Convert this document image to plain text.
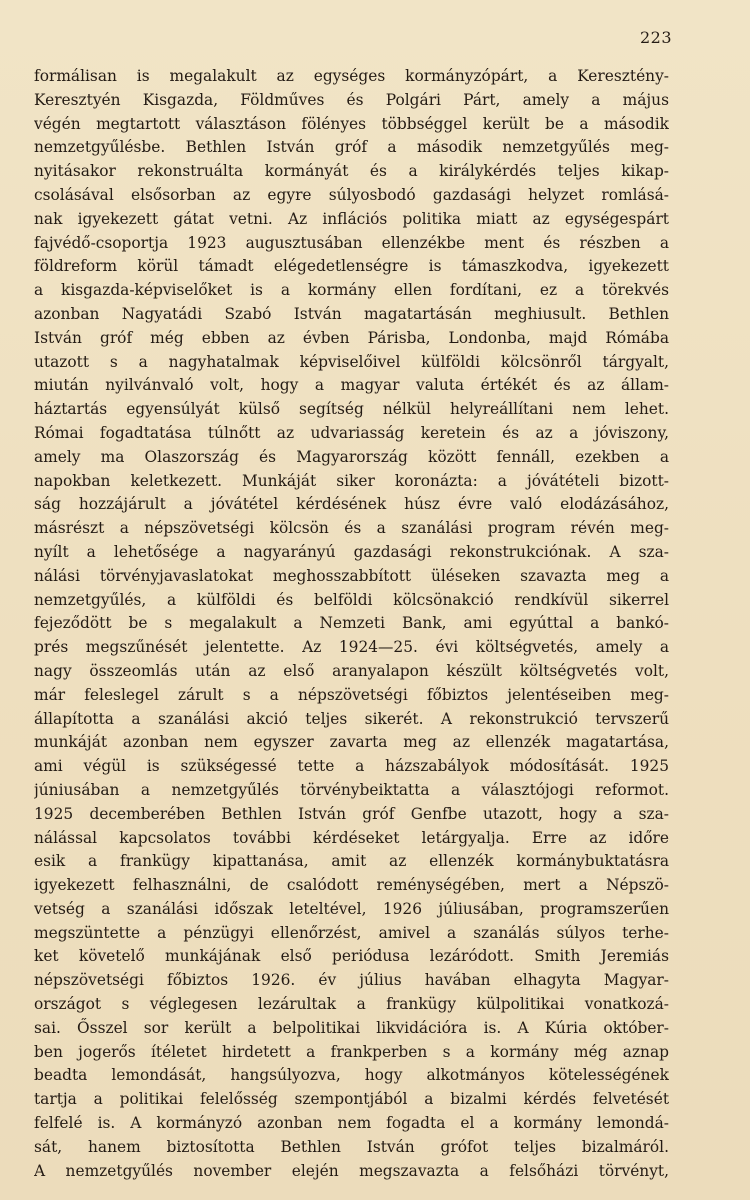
223
formálisan is megalakult az egységes kormányzópárt, a Keresztény-
Keresztyén Kisgazda, Földműves és Polgári Párt, amely a május
végén megtartott választáson fölényes többséggel került be a második
nemzetgyűlésbe. Bethlen István gróf a második nemzetgyűlés meg-
nyitásakor rekonstruálta kormányát és a királykérdés teljes kikap-
csolásával elsősorban az egyre súlyosbodó gazdasági helyzet romlásá-
nak igyekezett gátat vetni. Az inflációs politika miatt az egységespárt
fajvédő-csoportja 1923 augusztusában ellenzékbe ment és részben a
földreform körül támadt elégedetlenségre is támaszkodva, igyekezett
a kisgazda-képviselőket is a kormány ellen fordítani, ez a törekvés
azonban Nagyatádi Szabó István magatartásán meghiusult. Bethlen
István gróf még ebben az évben Párisba, Londonba, majd Rómába
utazott s a nagyhatalmak képviselőivel külföldi kölcsönről tárgyalt,
miután nyilvánvaló volt, hogy a magyar valuta értékét és az állam-
háztartás egyensúlyát külső segítség nélkül helyreállítani nem lehet.
Római fogadtatása túlnőtt az udvariasság keretein és az a jóviszony,
amely ma Olaszország és Magyarország között fennáll, ezekben a
napokban keletkezett. Munkáját siker koronázta: a jóvátételi bizott-
ság hozzájárult a jóvátétel kérdésének húsz évre való elodázásához,
másrészt a népszövetségi kölcsön és a szanálási program révén meg-
nyílt a lehetősége a nagyarányú gazdasági rekonstrukciónak. A sza-
nálási törvényjavaslatokat meghosszabbított üléseken szavazta meg a
nemzetgyűlés, a külföldi és belföldi kölcsönakció rendkívül sikerrel
fejeződött be s megalakult a Nemzeti Bank, ami egyúttal a bankó-
prés megszűnését jelentette. Az 1924—25. évi költségvetés, amely a
nagy összeomlás után az első aranyalapon készült költségvetés volt,
már feleslegel zárult s a népszövetségi főbiztos jelentéseiben meg-
állapította a szanálási akció teljes sikerét. A rekonstrukció tervszerű
munkáját azonban nem egyszer zavarta meg az ellenzék magatartása,
ami végül is szükségessé tette a házszabályok módosítását. 1925
júniusában a nemzetgyűlés törvénybeiktatta a választójogi reformot.
1925 decemberében Bethlen István gróf Genfbe utazott, hogy a sza-
nálással kapcsolatos további kérdéseket letárgyalja. Erre az időre
esik a frankügy kipattanása, amit az ellenzék kormánybuktatásra
igyekezett felhasználni, de csalódott reménységében, mert a Népszö-
vetség a szanálási időszak leteltével, 1926 júliusában, programszerűen
megszüntette a pénzügyi ellenőrzést, amivel a szanálás súlyos terhe-
ket követelő munkájának első periódusa lezáródott. Smith Jeremiás
népszövetségi főbiztos 1926. év július havában elhagyta Magyar-
országot s véglegesen lezárultak a frankügy külpolitikai vonatkozá-
sai. Ősszel sor került a belpolitikai likvidációra is. A Kúria október-
ben jogerős ítéletet hirdetett a frankperben s a kormány még aznap
beadta lemondását, hangsúlyozva, hogy alkotmányos kötelességének
tartja a politikai felelősség szempontjából a bizalmi kérdés felvetését
felfelé is. A kormányzó azonban nem fogadta el a kormány lemondá-
sát, hanem biztosította Bethlen István grófot teljes bizalmáról.
A nemzetgyűlés november elején megszavazta a felsőházi törvényt,
